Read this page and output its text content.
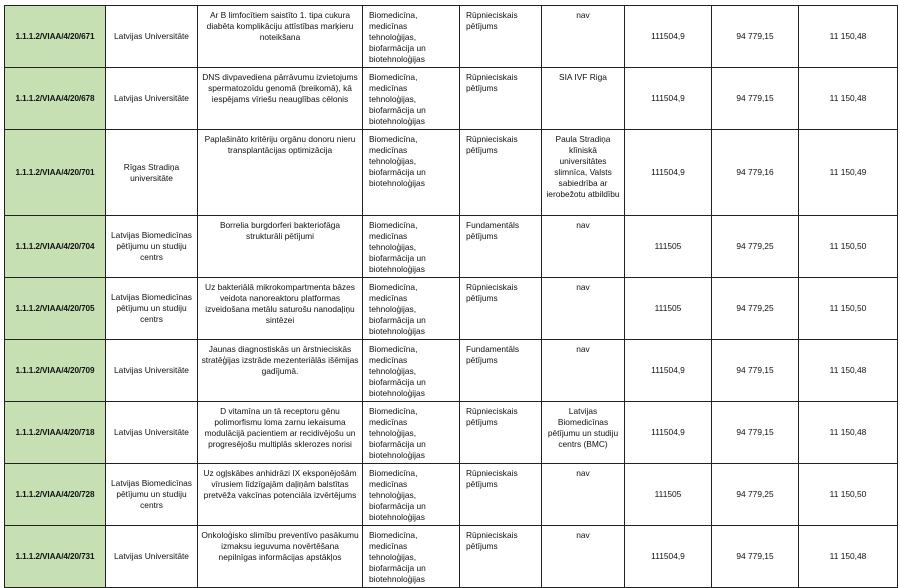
1.1.1.2/VIAA/4/20/671	Latvijas Universitāte	Ar B limfocītiem saistīto 1. tipa cukura diabēta komplikāciju attīstības marķieru noteikšana	Biomedicīna, medicīnas tehnoloģijas, biofarmācija un biotehnoloģijas	Rūpnieciskais pētījums	nav	111504,9	94 779,15	11 150,48
1.1.1.2/VIAA/4/20/678	Latvijas Universitāte	DNS divpavedienа pārrāvumu izvietojums spermatozoīdu genomā (breikomā), kā iespējams vīriešu neauglības cēlonis	Biomedicīna, medicīnas tehnoloģijas, biofarmācija un biotehnoloģijas	Rūpnieciskais pētījums	SIA IVF Riga	111504,9	94 779,15	11 150,48
1.1.1.2/VIAA/4/20/701	Rīgas Stradiņa universitāte	Paplašināto kritēriju orgānu donoru nieru transplantācijas optimizācija	Biomedicīna, medicīnas tehnoloģijas, biofarmācija un biotehnoloģijas	Rūpnieciskais pētījums	Paula Stradiņa klīniskā universitātes slimnīca, Valsts sabiedrība ar ierobežotu atbildību	111504,9	94 779,16	11 150,49
1.1.1.2/VIAA/4/20/704	Latvijas Biomedicīnas pētījumu un studiju centrs	Borrelia burgdorferi bakteriofāga strukturāli pētījumi	Biomedicīna, medicīnas tehnoloģijas, biofarmācija un biotehnoloģijas	Fundamentāls pētījums	nav	111505	94 779,25	11 150,50
1.1.1.2/VIAA/4/20/705	Latvijas Biomedicīnas pētījumu un studiju centrs	Uz bakteriālā mikrokompartmenta bāzes veidota nanoreaktoru platformas izveidošana metālu saturošu nanodaļiņu sintēzei	Biomedicīna, medicīnas tehnoloģijas, biofarmācija un biotehnoloģijas	Rūpnieciskais pētījums	nav	111505	94 779,25	11 150,50
1.1.1.2/VIAA/4/20/709	Latvijas Universitāte	Jaunas diagnostiskās un ārstnieciskās stratēģijas izstrāde mezenteriālās išēmijas gadījumā.	Biomedicīna, medicīnas tehnoloģijas, biofarmācija un biotehnoloģijas	Fundamentāls pētījums	nav	111504,9	94 779,15	11 150,48
1.1.1.2/VIAA/4/20/718	Latvijas Universitāte	D vitamīna un tā receptoru gēnu polimorfismu loma zarnu iekaisuma modulācijā pacientiem ar recidivējošu un progresējošu multiplās sklerozes norisi	Biomedicīna, medicīnas tehnoloģijas, biofarmācija un biotehnoloģijas	Rūpnieciskais pētījums	Latvijas Biomedicīnas pētījumu un studiju centrs (BMC)	111504,9	94 779,15	11 150,48
1.1.1.2/VIAA/4/20/728	Latvijas Biomedicīnas pētījumu un studiju centrs	Uz ogļskābes anhidrāzi IX eksponējošām vīrusiem līdzīgajām daļiņām balstītas pretvēža vakcīnas potenciāla izvērtējums	Biomedicīna, medicīnas tehnoloģijas, biofarmācija un biotehnoloģijas	Rūpnieciskais pētījums	nav	111505	94 779,25	11 150,50
1.1.1.2/VIAA/4/20/731	Latvijas Universitāte	Onkoloģisko slimību preventīvo pasākumu izmaksu ieguvuma novērtēšana nepilnīgas informācijas apstākļos	Biomedicīna, medicīnas tehnoloģijas, biofarmācija un biotehnoloģijas	Rūpnieciskais pētījums	nav	111504,9	94 779,15	11 150,48
